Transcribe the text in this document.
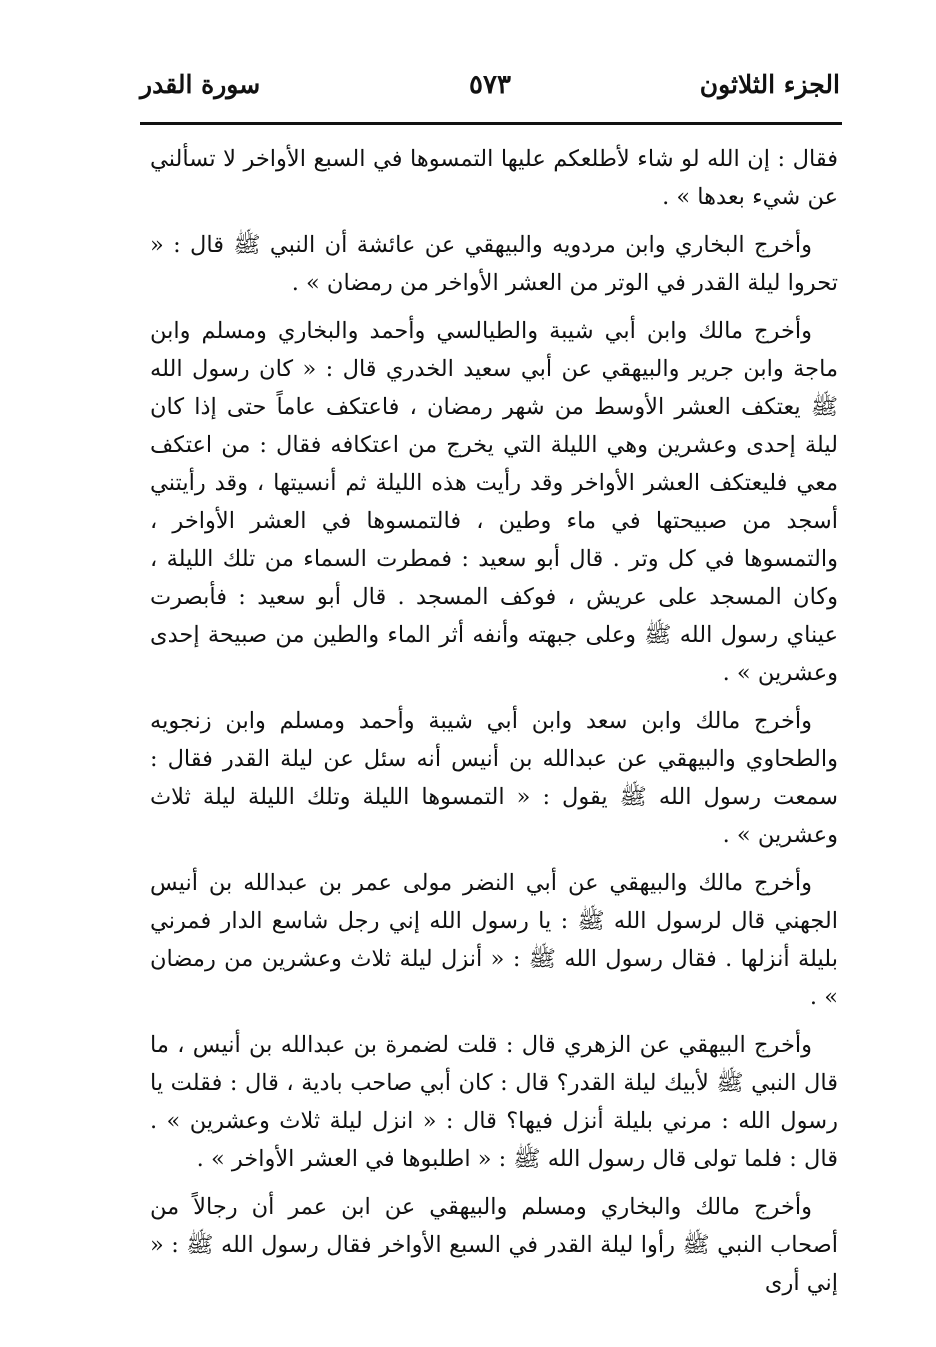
الجزء الثلاثون
٥٧٣
سورة القدر

فقال : إن الله لو شاء لأطلعكم عليها التمسوها في السبع الأواخر لا تسألني عن شيء بعدها » .

وأخرج البخاري وابن مردويه والبيهقي عن عائشة أن النبي ﷺ قال : « تحروا ليلة القدر في الوتر من العشر الأواخر من رمضان » .

وأخرج مالك وابن أبي شيبة والطيالسي وأحمد والبخاري ومسلم وابن ماجة وابن جرير والبيهقي عن أبي سعيد الخدري قال : « كان رسول الله ﷺ يعتكف العشر الأوسط من شهر رمضان ، فاعتكف عاماً حتى إذا كان ليلة إحدى وعشرين وهي الليلة التي يخرج من اعتكافه فقال : من اعتكف معي فليعتكف العشر الأواخر وقد رأيت هذه الليلة ثم أنسيتها ، وقد رأيتني أسجد من صبيحتها في ماء وطين ، فالتمسوها في العشر الأواخر ، والتمسوها في كل وتر . قال أبو سعيد : فمطرت السماء من تلك الليلة ، وكان المسجد على عريش ، فوكف المسجد . قال أبو سعيد : فأبصرت عيناي رسول الله ﷺ وعلى جبهته وأنفه أثر الماء والطين من صبيحة إحدى وعشرين » .

وأخرج مالك وابن سعد وابن أبي شيبة وأحمد ومسلم وابن زنجويه والطحاوي والبيهقي عن عبدالله بن أنيس أنه سئل عن ليلة القدر فقال : سمعت رسول الله ﷺ يقول : « التمسوها الليلة وتلك الليلة ليلة ثلاث وعشرين » .

وأخرج مالك والبيهقي عن أبي النضر مولى عمر بن عبدالله بن أنيس الجهني قال لرسول الله ﷺ : يا رسول الله إني رجل شاسع الدار فمرني بليلة أنزلها . فقال رسول الله ﷺ : « أنزل ليلة ثلاث وعشرين من رمضان » .

وأخرج البيهقي عن الزهري قال : قلت لضمرة بن عبدالله بن أنيس ، ما قال النبي ﷺ لأبيك ليلة القدر؟ قال : كان أبي صاحب بادية ، قال : فقلت يا رسول الله : مرني بليلة أنزل فيها؟ قال : « انزل ليلة ثلاث وعشرين » . قال : فلما تولى قال رسول الله ﷺ : « اطلبوها في العشر الأواخر » .

وأخرج مالك والبخاري ومسلم والبيهقي عن ابن عمر أن رجالاً من أصحاب النبي ﷺ رأوا ليلة القدر في السبع الأواخر فقال رسول الله ﷺ : « إني أرى
